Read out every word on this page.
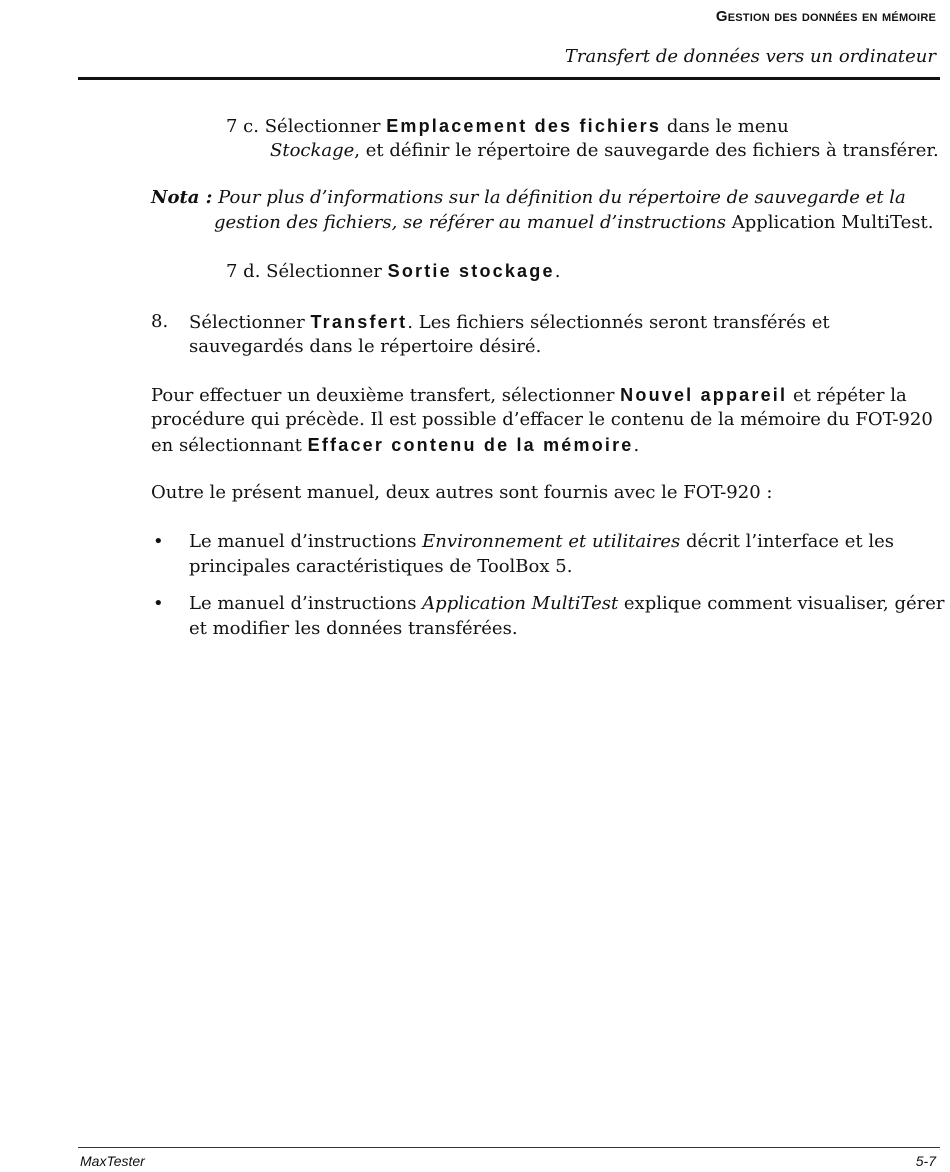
Gestion des données en mémoire
Transfert de données vers un ordinateur
7 c. Sélectionner Emplacement des fichiers dans le menu
Stockage, et définir le répertoire de sauvegarde des fichiers à transférer.
Nota : Pour plus d’informations sur la définition du répertoire de sauvegarde et la
gestion des fichiers, se référer au manuel d’instructions Application MultiTest.
7 d. Sélectionner Sortie stockage.
8. Sélectionner Transfert. Les fichiers sélectionnés seront transférés et
sauvegardés dans le répertoire désiré.
Pour effectuer un deuxième transfert, sélectionner Nouvel appareil et répéter la
procédure qui précède. Il est possible d’effacer le contenu de la mémoire du FOT-920
en sélectionnant Effacer contenu de la mémoire.
Outre le présent manuel, deux autres sont fournis avec le FOT-920 :
• Le manuel d’instructions Environnement et utilitaires décrit l’interface et les
principales caractéristiques de ToolBox 5.
• Le manuel d’instructions Application MultiTest explique comment visualiser, gérer
et modifier les données transférées.
MaxTester	5-7
